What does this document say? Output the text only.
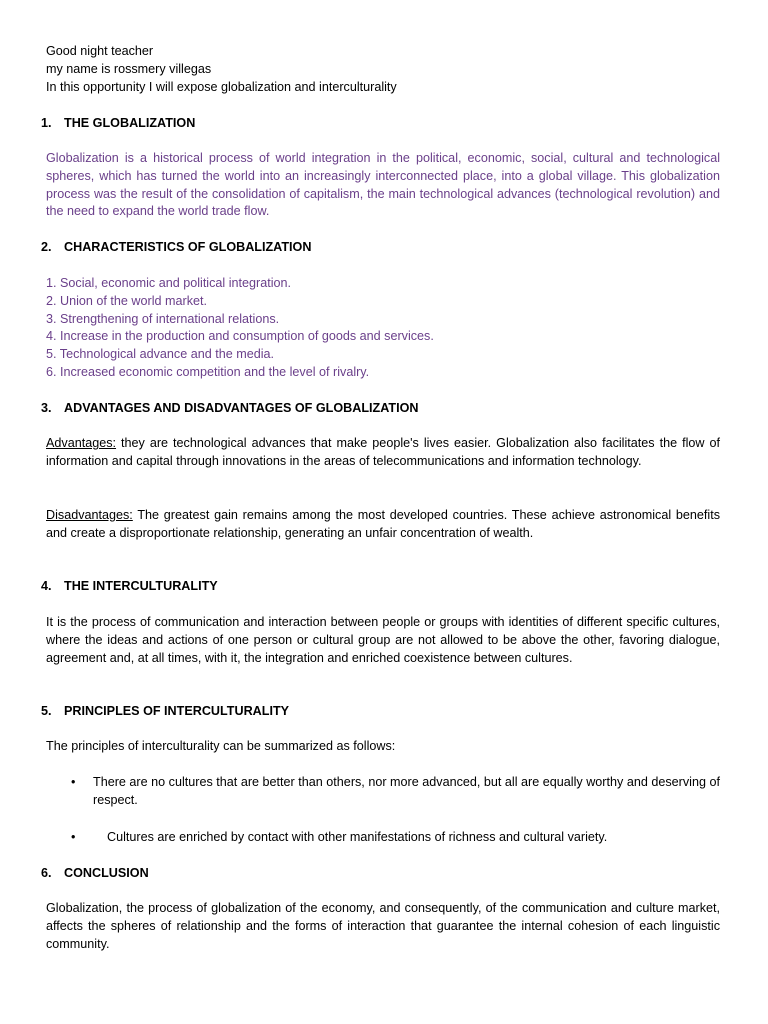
Good night teacher
my name is rossmery villegas
In this opportunity I will expose globalization and interculturality
1. THE GLOBALIZATION

Globalization is a historical process of world integration in the political, economic, social, cultural and technological spheres, which has turned the world into an increasingly interconnected place, into a global village. This globalization process was the result of the consolidation of capitalism, the main technological advances (technological revolution) and the need to expand the world trade flow.

2. CHARACTERISTICS OF GLOBALIZATION
1. Social, economic and political integration.
2. Union of the world market.
3. Strengthening of international relations.
4. Increase in the production and consumption of goods and services.
5. Technological advance and the media.
6. Increased economic competition and the level of rivalry.
3. ADVANTAGES AND DISADVANTAGES OF GLOBALIZATION

Advantages: they are technological advances that make people's lives easier. Globalization also facilitates the flow of information and capital through innovations in the areas of telecommunications and information technology.

Disadvantages: The greatest gain remains among the most developed countries. These achieve astronomical benefits and create a disproportionate relationship, generating an unfair concentration of wealth.

4. THE INTERCULTURALITY

It is the process of communication and interaction between people or groups with identities of different specific cultures, where the ideas and actions of one person or cultural group are not allowed to be above the other, favoring dialogue, agreement and, at all times, with it, the integration and enriched coexistence between cultures.

5. PRINCIPLES OF INTERCULTURALITY

The principles of interculturality can be summarized as follows:

• There are no cultures that are better than others, nor more advanced, but all are equally worthy and deserving of respect.
•	Cultures are enriched by contact with other manifestations of richness and cultural variety.
6. CONCLUSION

Globalization, the process of globalization of the economy, and consequently, of the communication and culture market, affects the spheres of relationship and the forms of interaction that guarantee the internal cohesion of each linguistic community.
